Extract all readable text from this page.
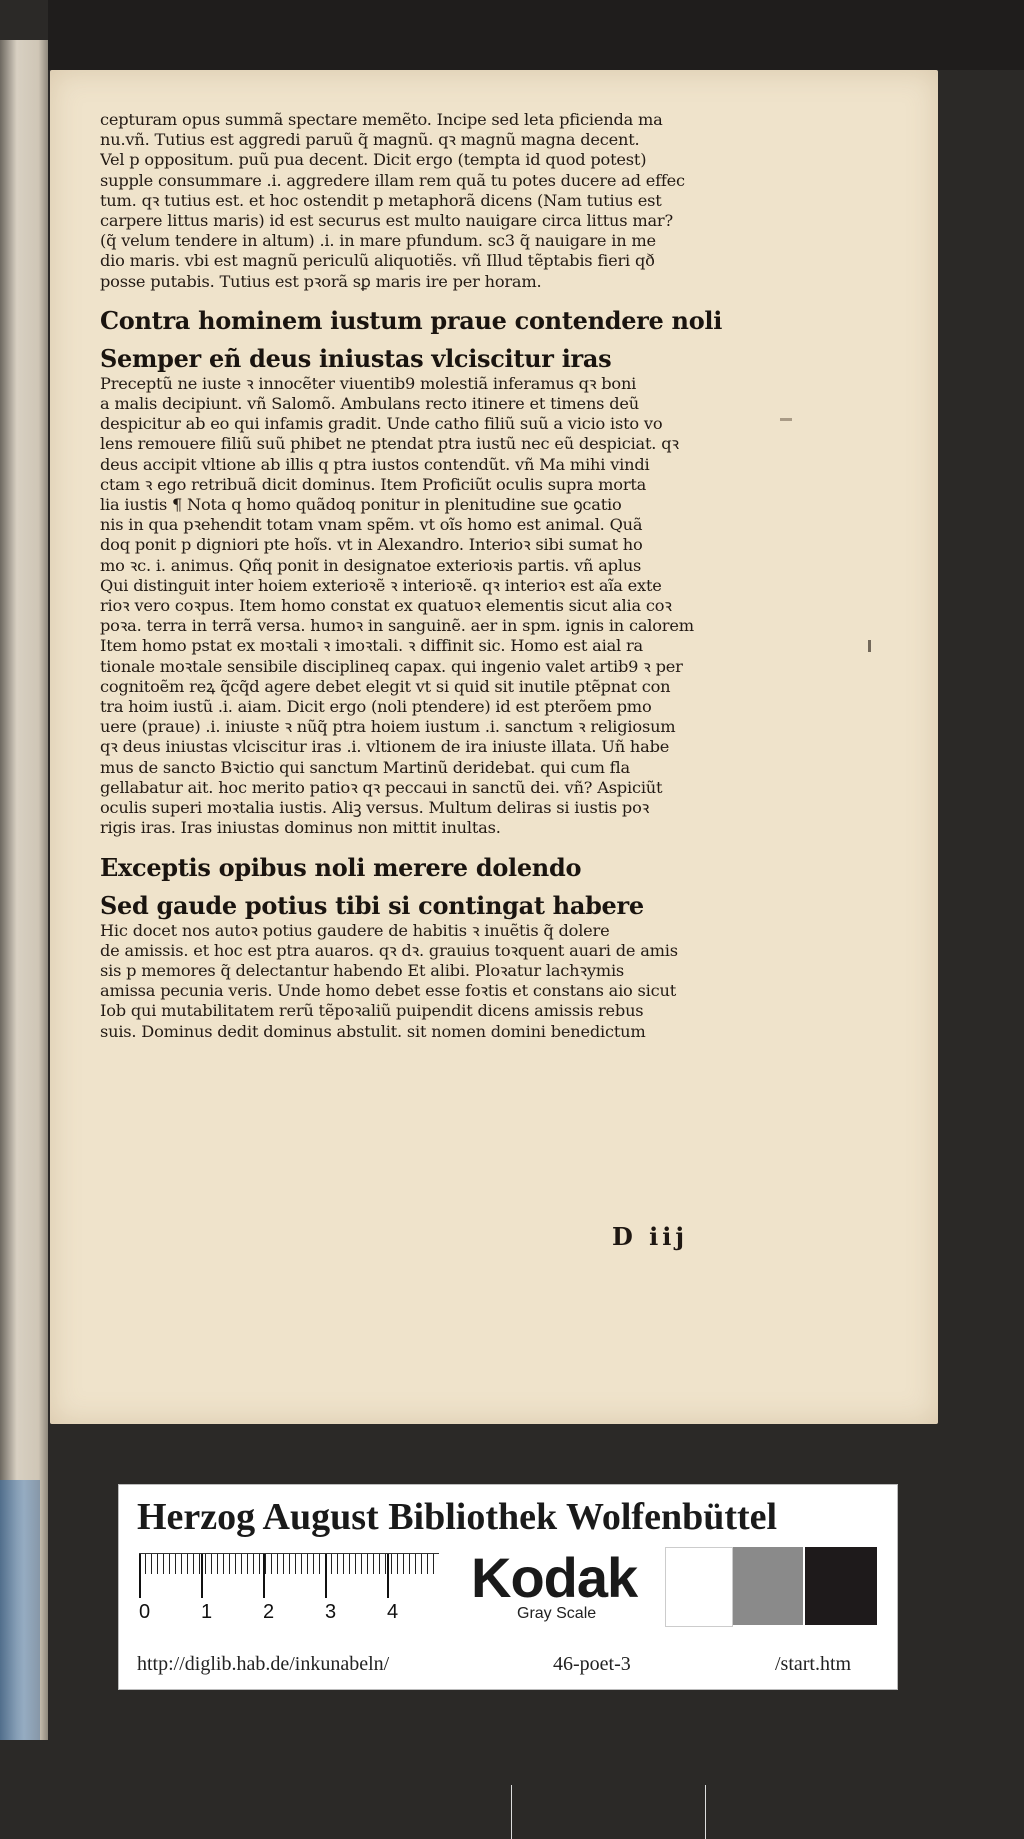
cepturam opus summã spectare memẽto. Incipe sed leta pficienda ma
nu.vñ. Tutius est aggredi paruũ q̃ magnũ. qꝛ magnũ magna decent.
Vel p oppositum. puũ pua decent. Dicit ergo (tempta id quod potest)
supple consummare .i. aggredere illam rem quã tu potes ducere ad effec
tum. qꝛ tutius est. et hoc ostendit p metaphorã dicens (Nam tutius est
carpere littus maris) id est securus est multo nauigare circa littus mar?
(q̃ velum tendere in altum) .i. in mare pfundum. sc3 q̃ nauigare in me
dio maris. vbi est magnũ periculũ aliquotiẽs. vñ Illud tẽptabis fieri qð
posse putabis. Tutius est pꝛorã sꝑ maris ire per horam.
Contra hominem iustum praue contendere noli
Semper eñ deus iniustas vlciscitur iras
Preceptũ ne iuste ꝛ innocẽter viuentib9 molestiã inferamus qꝛ boni
a malis decipiunt. vñ Salomõ. Ambulans recto itinere et timens deũ
despicitur ab eo qui infamis gradit. Unde catho filiũ suũ a vicio isto vo
lens remouere filiũ suũ phibet ne ptendat ptra iustũ nec eũ despiciat. qꝛ
deus accipit vltione ab illis q ptra iustos contendũt. vñ Ma mihi vindi
ctam ꝛ ego retribuã dicit dominus. Item Proficiũt oculis supra morta
lia iustis ¶ Nota q homo quãdoq ponitur in plenitudine sue ꝯcatio
nis in qua pꝛehendit totam vnam spẽm. vt oĩs homo est animal. Quã
doq ponit p digniori pte hoĩs. vt in Alexandro. Interioꝛ sibi sumat ho
mo ꝛc. i. animus. Qñq ponit in designatoe exterioꝛis partis. vñ aplus
Qui distinguit inter hoiem exterioꝛẽ ꝛ interioꝛẽ. qꝛ interioꝛ est aĩa exte
rioꝛ vero coꝛpus. Item homo constat ex quatuoꝛ elementis sicut alia coꝛ
poꝛa. terra in terrã versa. humoꝛ in sanguinẽ. aer in spm. ignis in calorem
Item homo pstat ex moꝛtali ꝛ imoꝛtali. ꝛ diffinit sic. Homo est aial ra
tionale moꝛtale sensibile disciplineq capax. qui ingenio valet artib9 ꝛ per
cognitoẽm reꝝ q̃cq̃d agere debet elegit vt si quid sit inutile ptẽpnat con
tra hoim iustũ .i. aiam. Dicit ergo (noli ptendere) id est pterõem pmo
uere (praue) .i. iniuste ꝛ nũq̃ ptra hoiem iustum .i. sanctum ꝛ religiosum
qꝛ deus iniustas vlciscitur iras .i. vltionem de ira iniuste illata. Uñ habe
mus de sancto Bꝛictio qui sanctum Martinũ deridebat. qui cum fla
gellabatur ait. hoc merito patioꝛ qꝛ peccaui in sanctũ dei. vñ? Aspiciũt
oculis superi moꝛtalia iustis. Aliꝫ versus. Multum deliras si iustis poꝛ
rigis iras. Iras iniustas dominus non mittit inultas.
Exceptis opibus noli merere dolendo
Sed gaude potius tibi si contingat habere
Hic docet nos autoꝛ potius gaudere de habitis ꝛ inuẽtis q̃ dolere
de amissis. et hoc est ptra auaros. qꝛ dꝛ. grauius toꝛquent auari de amis
sis p memores q̃ delectantur habendo Et alibi. Ploꝛatur lachꝛymis
amissa pecunia veris. Unde homo debet esse foꝛtis et constans aio sicut
Iob qui mutabilitatem rerũ tẽpoꝛaliũ puipendit dicens amissis rebus
suis. Dominus dedit dominus abstulit. sit nomen domini benedictum
D iij
Herzog August Bibliothek Wolfenbüttel
0	1	2	3	4
Kodak
Gray Scale
http://diglib.hab.de/inkunabeln/	46-poet-3	/start.htm
